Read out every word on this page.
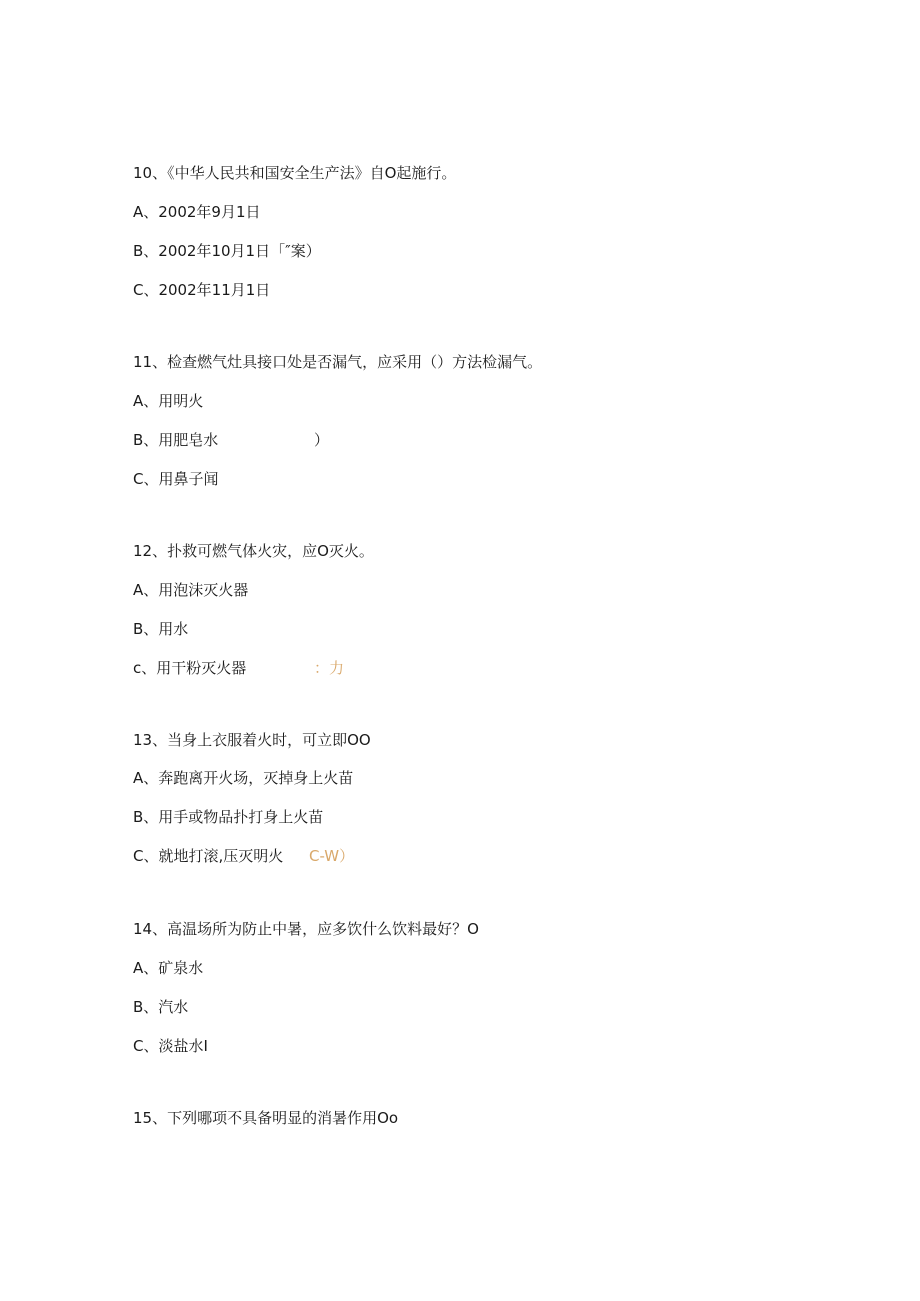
10、《中华人民共和国安全生产法》自O起施行。
A、2002年9月1日
B、2002年10月1日「″案）
C、2002年11月1日
11、检查燃气灶具接口处是否漏气，应采用（）方法检漏气。
A、用明火
B、用肥皂水	）
C、用鼻子闻
12、扑救可燃气体火灾，应O灭火。
A、用泡沫灭火器
B、用水
c、用干粉灭火器	：力
13、当身上衣服着火时，可立即OO
A、奔跑离开火场，灭掉身上火苗
B、用手或物品扑打身上火苗
C、就地打滚,压灭明火 C-W）
14、高温场所为防止中暑，应多饮什么饮料最好？O
A、矿泉水
B、汽水
C、淡盐水I
15、下列哪项不具备明显的消暑作用Oo
